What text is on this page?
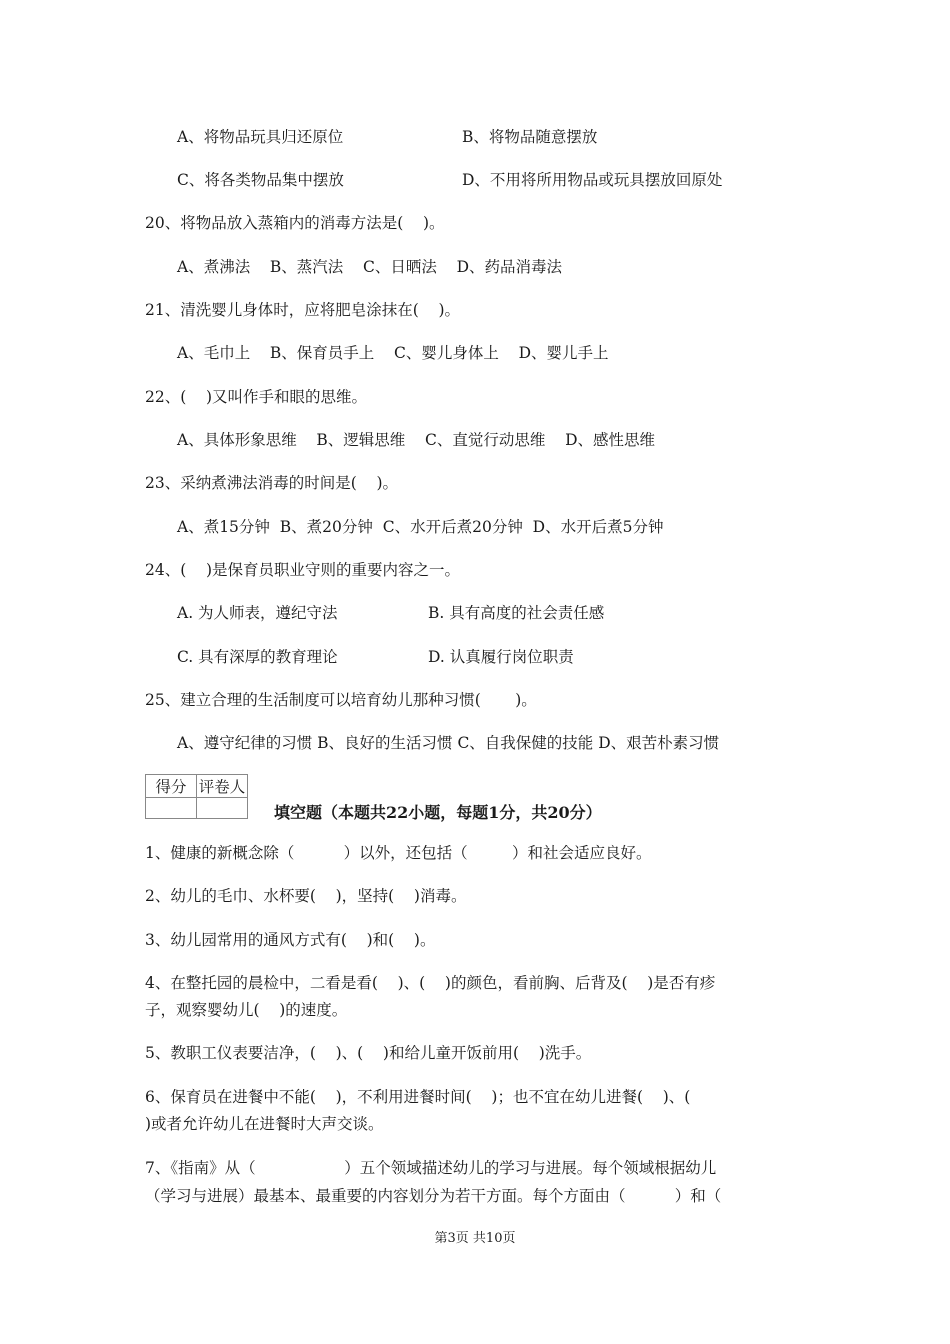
A、将物品玩具归还原位	B、将物品随意摆放
C、将各类物品集中摆放	D、不用将所用物品或玩具摆放回原处
20、将物品放入蒸箱内的消毒方法是(    )。
A、煮沸法    B、蒸汽法    C、日晒法    D、药品消毒法
21、清洗婴儿身体时，应将肥皂涂抹在(    )。
A、毛巾上    B、保育员手上    C、婴儿身体上    D、婴儿手上
22、(    )又叫作手和眼的思维。
A、具体形象思维    B、逻辑思维    C、直觉行动思维    D、感性思维
23、采纳煮沸法消毒的时间是(    )。
A、煮15分钟  B、煮20分钟  C、水开后煮20分钟  D、水开后煮5分钟
24、(    )是保育员职业守则的重要内容之一。
A. 为人师表，遵纪守法	B. 具有高度的社会责任感
C. 具有深厚的教育理论	D. 认真履行岗位职责
25、建立合理的生活制度可以培育幼儿那种习惯(       )。
A、遵守纪律的习惯 B、良好的生活习惯 C、自我保健的技能 D、艰苦朴素习惯
得分	评卷人

填空题（本题共22小题，每题1分，共20分）
1、健康的新概念除（          ）以外，还包括（         ）和社会适应良好。
2、幼儿的毛巾、水杯要(    )，坚持(    )消毒。
3、幼儿园常用的通风方式有(    )和(    )。
4、在整托园的晨检中，二看是看(    )、(    )的颜色，看前胸、后背及(    )是否有疹
子，观察婴幼儿(    )的速度。
5、教职工仪表要洁净，(    )、(    )和给儿童开饭前用(    )洗手。
6、保育员在进餐中不能(    )，不利用进餐时间(    )；也不宜在幼儿进餐(    )、(
)或者允许幼儿在进餐时大声交谈。
7、《指南》从（                  ）五个领域描述幼儿的学习与进展。每个领域根据幼儿
（学习与进展）最基本、最重要的内容划分为若干方面。每个方面由（          ）和（
第3页 共10页
